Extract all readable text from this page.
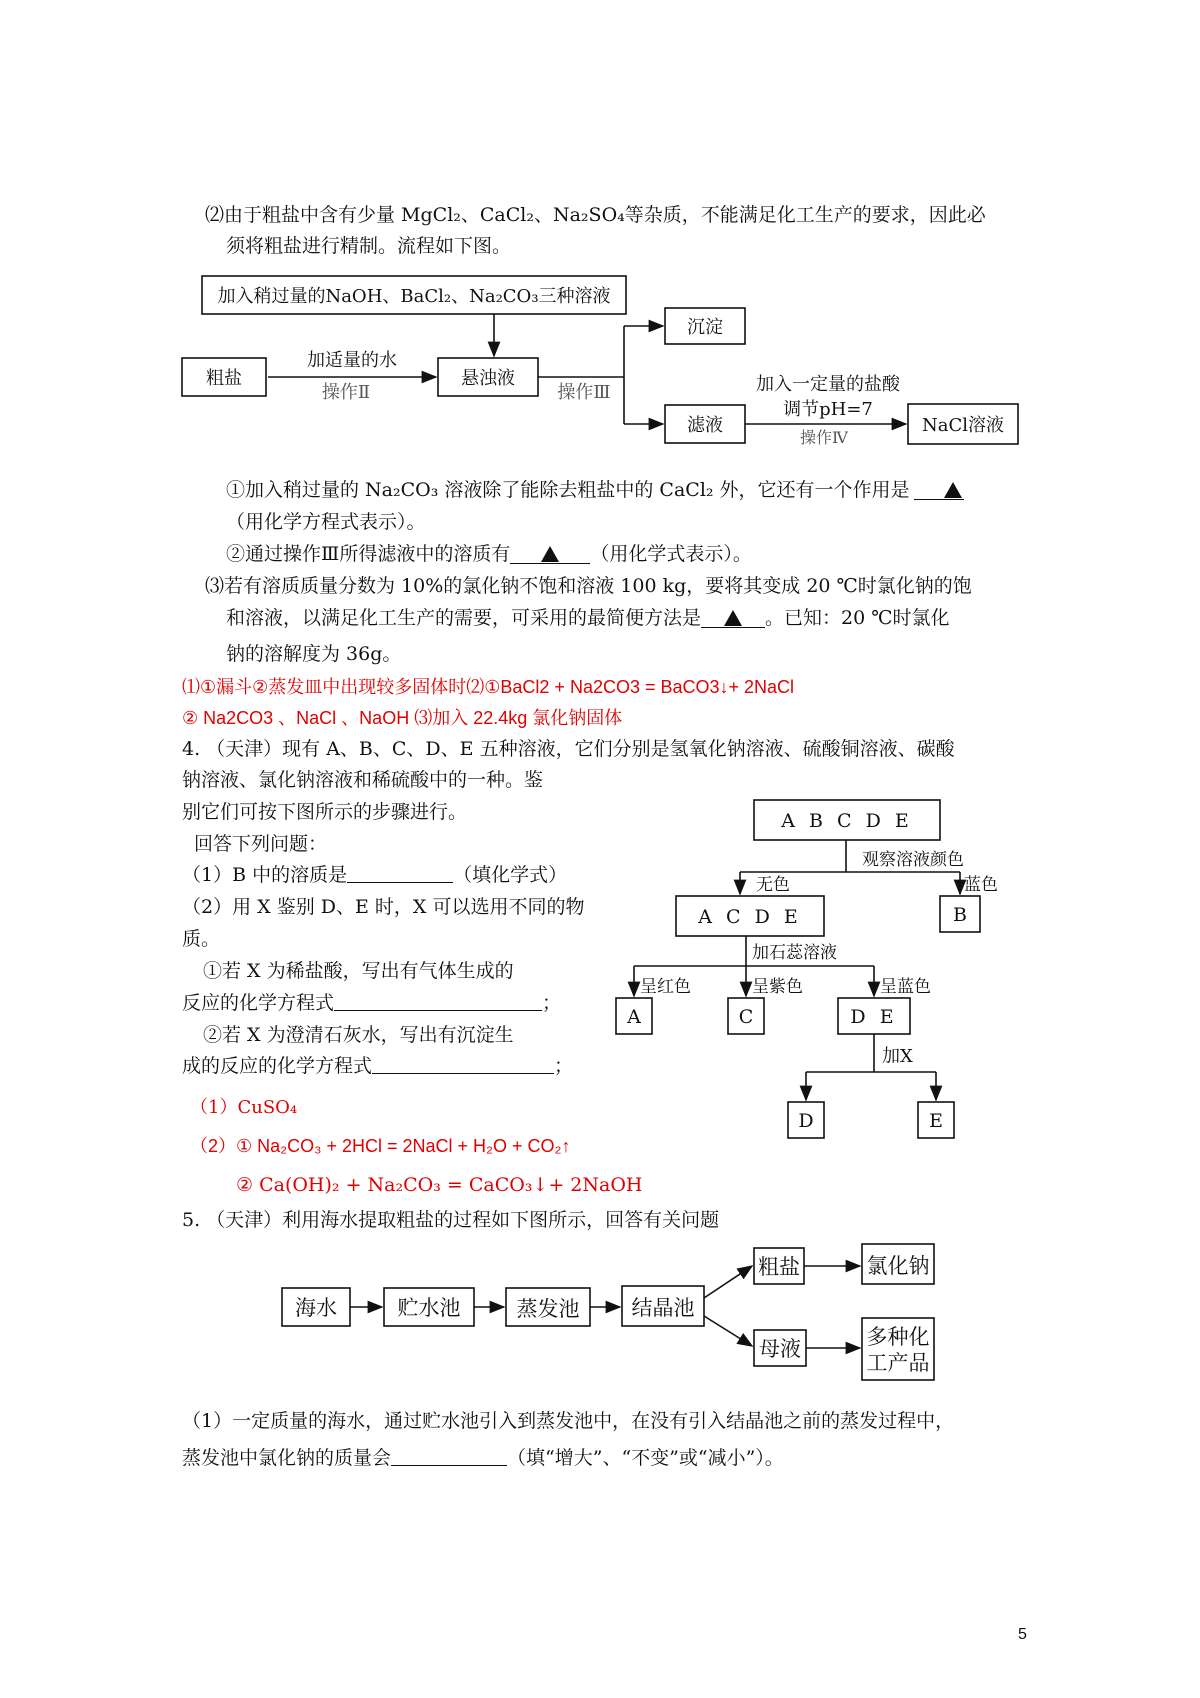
⑵由于粗盐中含有少量 MgCl₂、CaCl₂、Na₂SO₄等杂质，不能满足化工生产的要求，因此必
须将粗盐进行精制。流程如下图。
加入稍过量的NaOH、BaCl₂、Na₂CO₃三种溶液
粗盐
加适量的水
操作Ⅱ
悬浊液
操作Ⅲ
沉淀
滤液
加入一定量的盐酸
调节pH=7
操作Ⅳ
NaCl溶液
①加入稍过量的 Na₂CO₃ 溶液除了能除去粗盐中的 CaCl₂ 外，它还有一个作用是
（用化学方程式表示）。
②通过操作Ⅲ所得滤液中的溶质有	（用化学式表示）。
⑶若有溶质质量分数为 10%的氯化钠不饱和溶液 100 kg，要将其变成 20 ℃时氯化钠的饱
和溶液，以满足化工生产的需要，可采用的最简便方法是	。已知：20 ℃时氯化
钠的溶解度为 36g。
⑴①漏斗②蒸发皿中出现较多固体时⑵①BaCl2 + Na2CO3 = BaCO3↓+ 2NaCl
② Na2CO3 、NaCl 、NaOH ⑶加入 22.4kg 氯化钠固体
4. （天津）现有 A、B、C、D、E 五种溶液，它们分别是氢氧化钠溶液、硫酸铜溶液、碳酸
钠溶液、氯化钠溶液和稀硫酸中的一种。鉴
别它们可按下图所示的步骤进行。
回答下列问题：
（1）B 中的溶质是	（填化学式）
（2）用 X 鉴别 D、E 时，X 可以选用不同的物
质。
①若 X 为稀盐酸，写出有气体生成的
反应的化学方程式	；
②若 X 为澄清石灰水，写出有沉淀生
成的反应的化学方程式	；
（1）CuSO₄
（2）① Na₂CO₃ + 2HCl = 2NaCl + H₂O + CO₂↑
② Ca(OH)₂ + Na₂CO₃ = CaCO₃↓+ 2NaOH
A B C D E
观察溶液颜色
无色	蓝色
A C D E	B
加石蕊溶液
呈红色	呈紫色	呈蓝色
A	C	D E
加X
D	E
5. （天津）利用海水提取粗盐的过程如下图所示，回答有关问题
海水	贮水池	蒸发池 结晶池
粗盐	氯化钠
母液	多种化
工产品
（1）一定质量的海水，通过贮水池引入到蒸发池中，在没有引入结晶池之前的蒸发过程中，
蒸发池中氯化钠的质量会	（填“增大”、“不变”或“减小”）。
5
